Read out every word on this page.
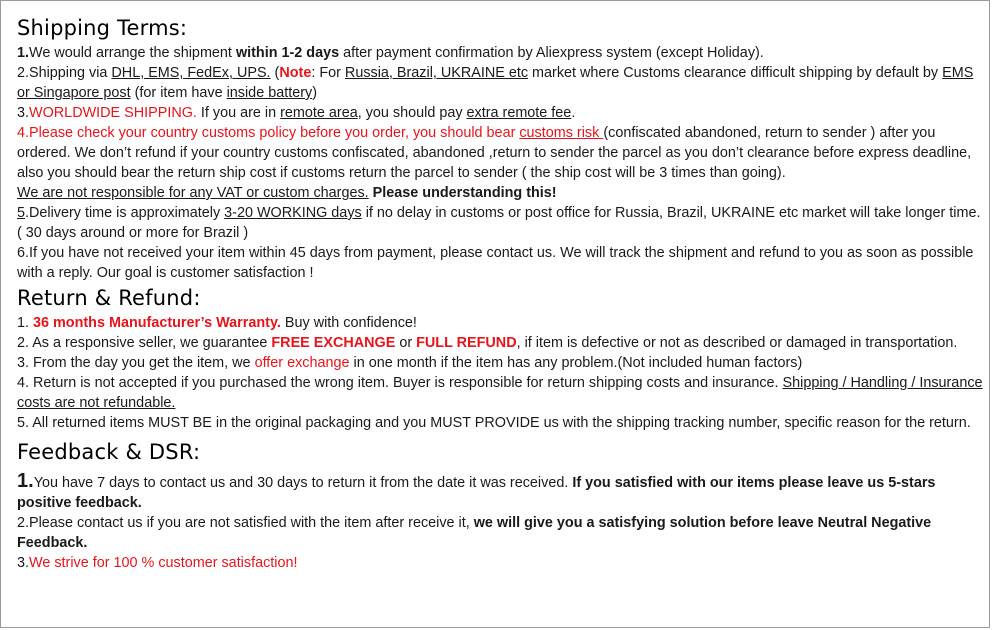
Shipping Terms:

1.We would arrange the shipment within 1-2 days after payment confirmation by Aliexpress system (except Holiday).

2.Shipping via DHL, EMS, FedEx, UPS. (Note: For Russia, Brazil, UKRAINE etc market where Customs clearance difficult shipping by default by EMS or Singapore post (for item have inside battery)

3.WORLDWIDE SHIPPING. If you are in remote area, you should pay extra remote fee.

4.Please check your country customs policy before you order, you should bear customs risk (confiscated abandoned, return to sender ) after you ordered. We don’t refund if your country customs confiscated, abandoned ,return to sender the parcel as you don’t clearance before express deadline, also you should bear the return ship cost if customs return the parcel to sender ( the ship cost will be 3 times than going).
We are not responsible for any VAT or custom charges. Please understanding this!

5.Delivery time is approximately 3-20 WORKING days if no delay in customs or post office for Russia, Brazil, UKRAINE etc market will take longer time.( 30 days around or more for Brazil )

6.If you have not received your item within 45 days from payment, please contact us. We will track the shipment and refund to you as soon as possible with a reply. Our goal is customer satisfaction !

Return & Refund:

1. 36 months Manufacturer’s Warranty. Buy with confidence!

2. As a responsive seller, we guarantee FREE EXCHANGE or FULL REFUND, if item is defective or not as described or damaged in transportation.

3. From the day you get the item, we offer exchange in one month if the item has any problem.(Not included human factors)

4. Return is not accepted if you purchased the wrong item. Buyer is responsible for return shipping costs and insurance. Shipping / Handling / Insurance costs are not refundable.

5. All returned items MUST BE in the original packaging and you MUST PROVIDE us with the shipping tracking number, specific reason for the return.

Feedback & DSR:

1.You have 7 days to contact us and 30 days to return it from the date it was received. If you satisfied with our items please leave us 5-stars positive feedback.

2.Please contact us if you are not satisfied with the item after receive it, we will give you a satisfying solution before leave Neutral Negative Feedback.

3.We strive for 100 % customer satisfaction!
